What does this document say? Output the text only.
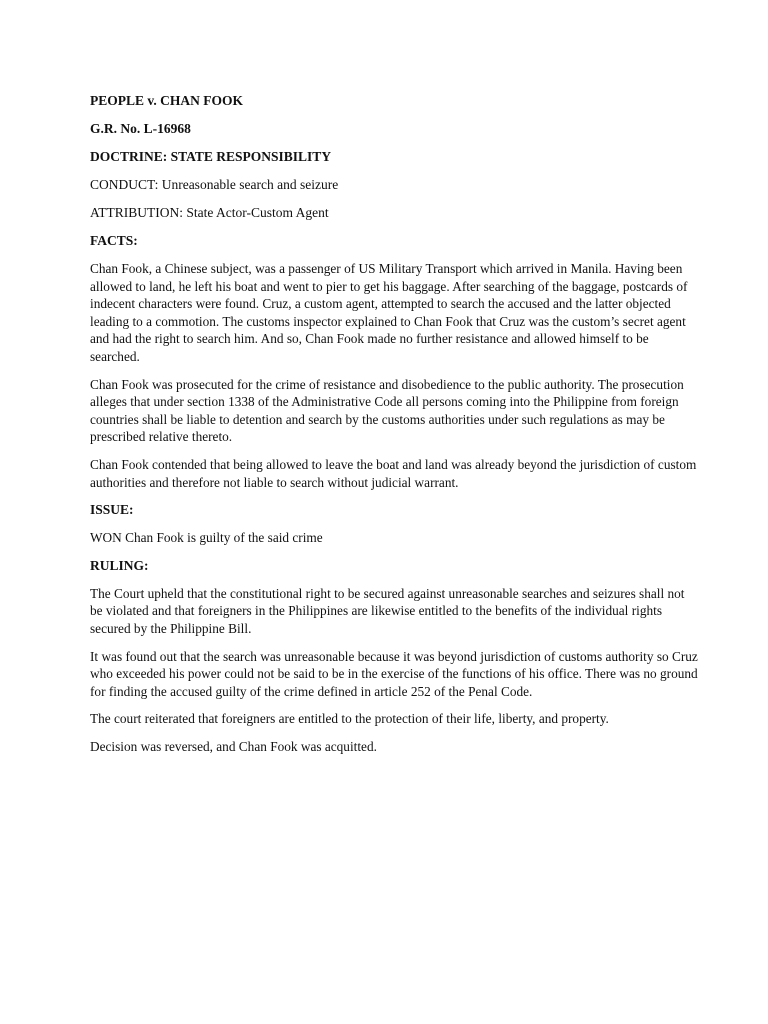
PEOPLE v. CHAN FOOK

G.R. No. L-16968

DOCTRINE: STATE RESPONSIBILITY

CONDUCT: Unreasonable search and seizure

ATTRIBUTION: State Actor-Custom Agent

FACTS:

Chan Fook, a Chinese subject, was a passenger of US Military Transport which arrived in Manila. Having been allowed to land, he left his boat and went to pier to get his baggage. After searching of the baggage, postcards of indecent characters were found. Cruz, a custom agent, attempted to search the accused and the latter objected leading to a commotion. The customs inspector explained to Chan Fook that Cruz was the custom’s secret agent and had the right to search him. And so, Chan Fook made no further resistance and allowed himself to be searched.

Chan Fook was prosecuted for the crime of resistance and disobedience to the public authority. The prosecution alleges that under section 1338 of the Administrative Code all persons coming into the Philippine from foreign countries shall be liable to detention and search by the customs authorities under such regulations as may be prescribed relative thereto.

Chan Fook contended that being allowed to leave the boat and land was already beyond the jurisdiction of custom authorities and therefore not liable to search without judicial warrant.

ISSUE:

WON Chan Fook is guilty of the said crime

RULING:

The Court upheld that the constitutional right to be secured against unreasonable searches and seizures shall not be violated and that foreigners in the Philippines are likewise entitled to the benefits of the individual rights secured by the Philippine Bill.

It was found out that the search was unreasonable because it was beyond jurisdiction of customs authority so Cruz who exceeded his power could not be said to be in the exercise of the functions of his office. There was no ground for finding the accused guilty of the crime defined in article 252 of the Penal Code.

The court reiterated that foreigners are entitled to the protection of their life, liberty, and property.

Decision was reversed, and Chan Fook was acquitted.
